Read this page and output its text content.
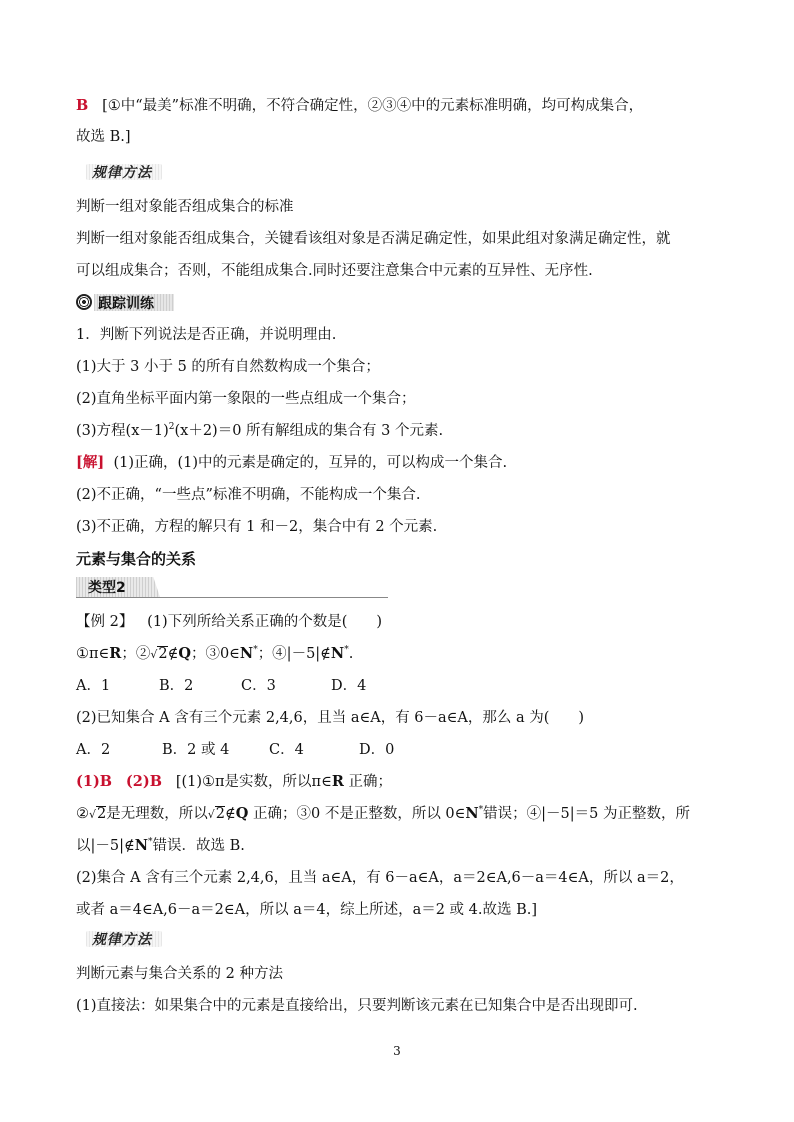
B [①中“最美”标准不明确，不符合确定性，②③④中的元素标准明确，均可构成集合，
故选 B.]
规律方法
判断一组对象能否组成集合的标准
判断一组对象能否组成集合，关键看该组对象是否满足确定性，如果此组对象满足确定性，就
可以组成集合；否则，不能组成集合.同时还要注意集合中元素的互异性、无序性.
跟踪训练
1．判断下列说法是否正确，并说明理由.
(1)大于 3 小于 5 的所有自然数构成一个集合；
(2)直角坐标平面内第一象限的一些点组成一个集合；
(3)方程$(x-1)^2(x+2)=0$ 所有解组成的集合有 3 个元素.
[解] (1)正确，(1)中的元素是确定的，互异的，可以构成一个集合.
(2)不正确，“一些点”标准不明确，不能构成一个集合.
(3)不正确，方程的解只有 1 和－2，集合中有 2 个元素.
元素与集合的关系
类型2
【例 2】 (1)下列所给关系正确的个数是(　　)
①π∈R；②√2∉Q；③0∈N*；④|－5|∉N*.
A．1	B．2	C．3	D．4
(2)已知集合 A 含有三个元素 2,4,6，且当 a∈A，有 6－a∈A，那么 a 为(　　)
A．2	B．2 或 4	C．4	D．0
(1)B (2)B [(1)①π是实数，所以π∈R 正确；
②√2是无理数，所以√2∉Q 正确；③0 不是正整数，所以 0∈N*错误；④|－5|＝5 为正整数，所
以|－5|∉N*错误．故选 B.
(2)集合 A 含有三个元素 2,4,6，且当 a∈A，有 6－a∈A，a＝2∈A,6－a＝4∈A，所以 a＝2，
或者 a＝4∈A,6－a＝2∈A，所以 a＝4，综上所述，a＝2 或 4.故选 B.]
规律方法
判断元素与集合关系的 2 种方法
(1)直接法：如果集合中的元素是直接给出，只要判断该元素在已知集合中是否出现即可.
3
